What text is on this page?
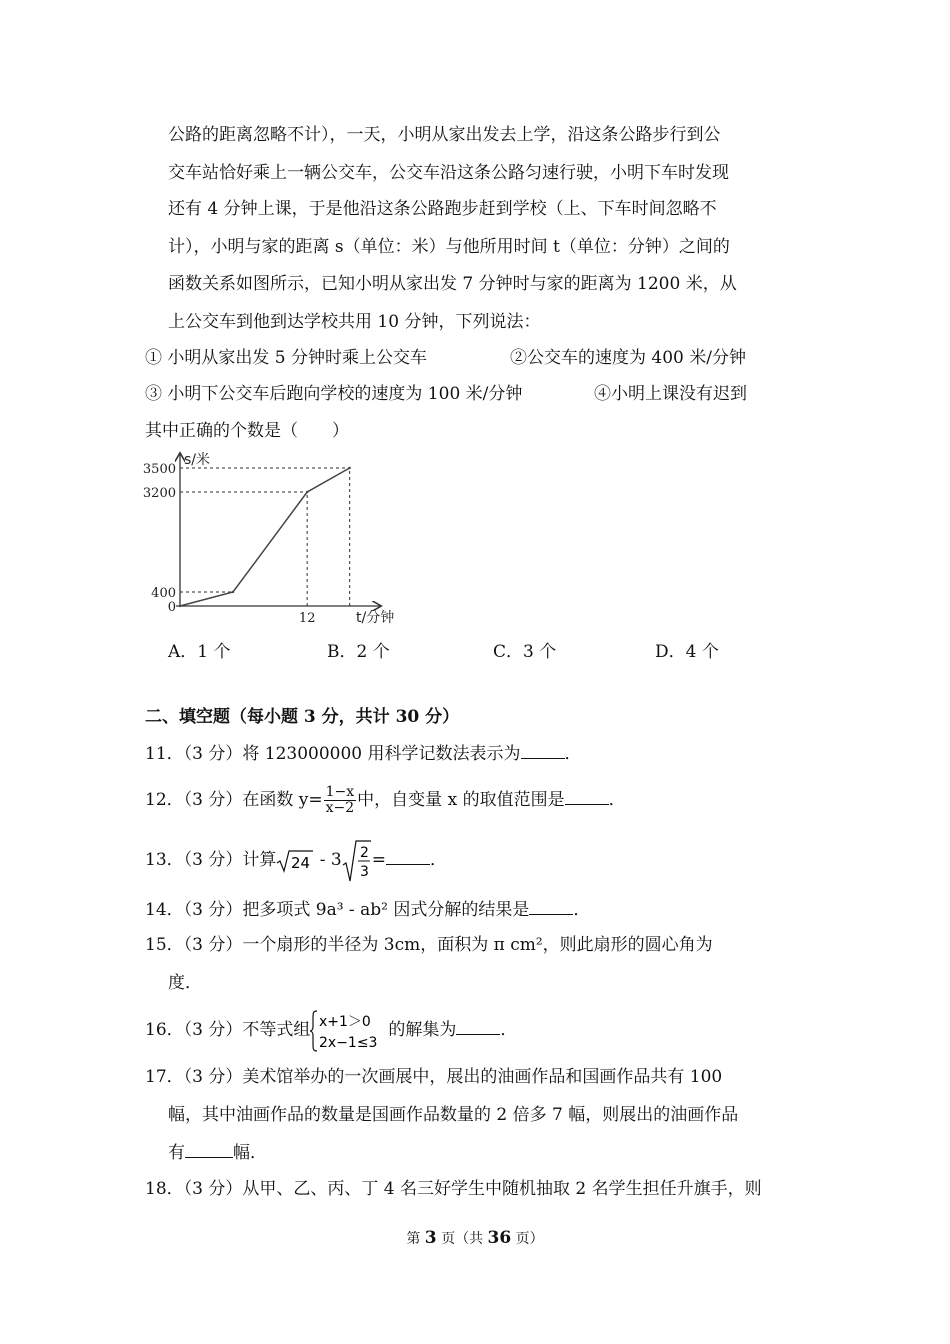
公路的距离忽略不计），一天，小明从家出发去上学，沿这条公路步行到公
交车站恰好乘上一辆公交车，公交车沿这条公路匀速行驶，小明下车时发现
还有 4 分钟上课，于是他沿这条公路跑步赶到学校（上、下车时间忽略不
计），小明与家的距离 s（单位：米）与他所用时间 t（单位：分钟）之间的
函数关系如图所示，已知小明从家出发 7 分钟时与家的距离为 1200 米，从
上公交车到他到达学校共用 10 分钟，下列说法：
① 小明从家出发 5 分钟时乘上公交车	②公交车的速度为 400 米/分钟
③ 小明下公交车后跑向学校的速度为 100 米/分钟	④小明上课没有迟到
其中正确的个数是（　　）
3500
3200
400
0
12
s/米
t/分钟
A．1 个	B．2 个	C．3 个	D．4 个
二、填空题（每小题 3 分，共计 30 分）
11．（3 分）将 123000000 用科学记数法表示为	．
12．（3 分）在函数 $y= \frac{1-x}{x-2}$ 中，自变量 x 的取值范围是	．
13．（3 分）计算 24 - 3 2
3
=	．
14．（3 分）把多项式 9a³ - ab² 因式分解的结果是	．
15．（3 分）一个扇形的半径为 3cm，面积为 π cm²，则此扇形的圆心角为
度．
16．（3 分）不等式组 x+1＞0
2x−1≤3
的解集为	．
17．（3 分）美术馆举办的一次画展中，展出的油画作品和国画作品共有 100
幅，其中油画作品的数量是国画作品数量的 2 倍多 7 幅，则展出的油画作品
有	幅．
18．（3 分）从甲、乙、丙、丁 4 名三好学生中随机抽取 2 名学生担任升旗手，则
第 3 页（共 36 页）
